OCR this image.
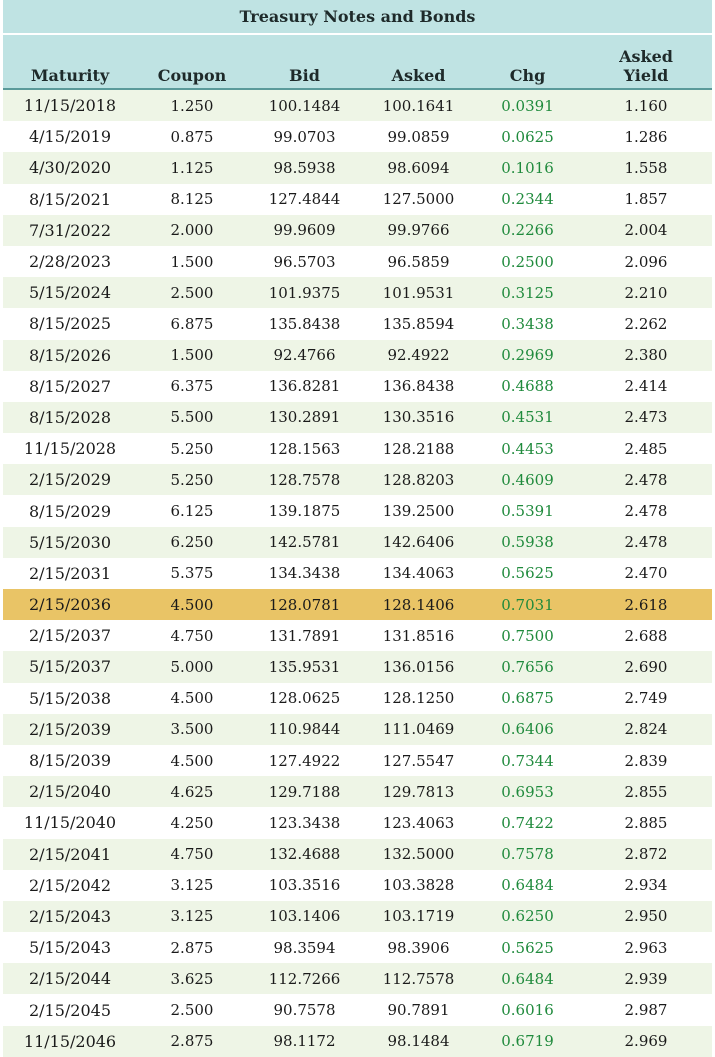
Treasury Notes and Bonds
Maturity	Coupon	Bid	Asked	Chg	Asked
Yield
11/15/2018	1.250	100.1484	100.1641	0.0391	1.160
4/15/2019	0.875	99.0703	99.0859	0.0625	1.286
4/30/2020	1.125	98.5938	98.6094	0.1016	1.558
8/15/2021	8.125	127.4844	127.5000	0.2344	1.857
7/31/2022	2.000	99.9609	99.9766	0.2266	2.004
2/28/2023	1.500	96.5703	96.5859	0.2500	2.096
5/15/2024	2.500	101.9375	101.9531	0.3125	2.210
8/15/2025	6.875	135.8438	135.8594	0.3438	2.262
8/15/2026	1.500	92.4766	92.4922	0.2969	2.380
8/15/2027	6.375	136.8281	136.8438	0.4688	2.414
8/15/2028	5.500	130.2891	130.3516	0.4531	2.473
11/15/2028	5.250	128.1563	128.2188	0.4453	2.485
2/15/2029	5.250	128.7578	128.8203	0.4609	2.478
8/15/2029	6.125	139.1875	139.2500	0.5391	2.478
5/15/2030	6.250	142.5781	142.6406	0.5938	2.478
2/15/2031	5.375	134.3438	134.4063	0.5625	2.470
2/15/2036	4.500	128.0781	128.1406	0.7031	2.618
2/15/2037	4.750	131.7891	131.8516	0.7500	2.688
5/15/2037	5.000	135.9531	136.0156	0.7656	2.690
5/15/2038	4.500	128.0625	128.1250	0.6875	2.749
2/15/2039	3.500	110.9844	111.0469	0.6406	2.824
8/15/2039	4.500	127.4922	127.5547	0.7344	2.839
2/15/2040	4.625	129.7188	129.7813	0.6953	2.855
11/15/2040	4.250	123.3438	123.4063	0.7422	2.885
2/15/2041	4.750	132.4688	132.5000	0.7578	2.872
2/15/2042	3.125	103.3516	103.3828	0.6484	2.934
2/15/2043	3.125	103.1406	103.1719	0.6250	2.950
5/15/2043	2.875	98.3594	98.3906	0.5625	2.963
2/15/2044	3.625	112.7266	112.7578	0.6484	2.939
2/15/2045	2.500	90.7578	90.7891	0.6016	2.987
11/15/2046	2.875	98.1172	98.1484	0.6719	2.969
